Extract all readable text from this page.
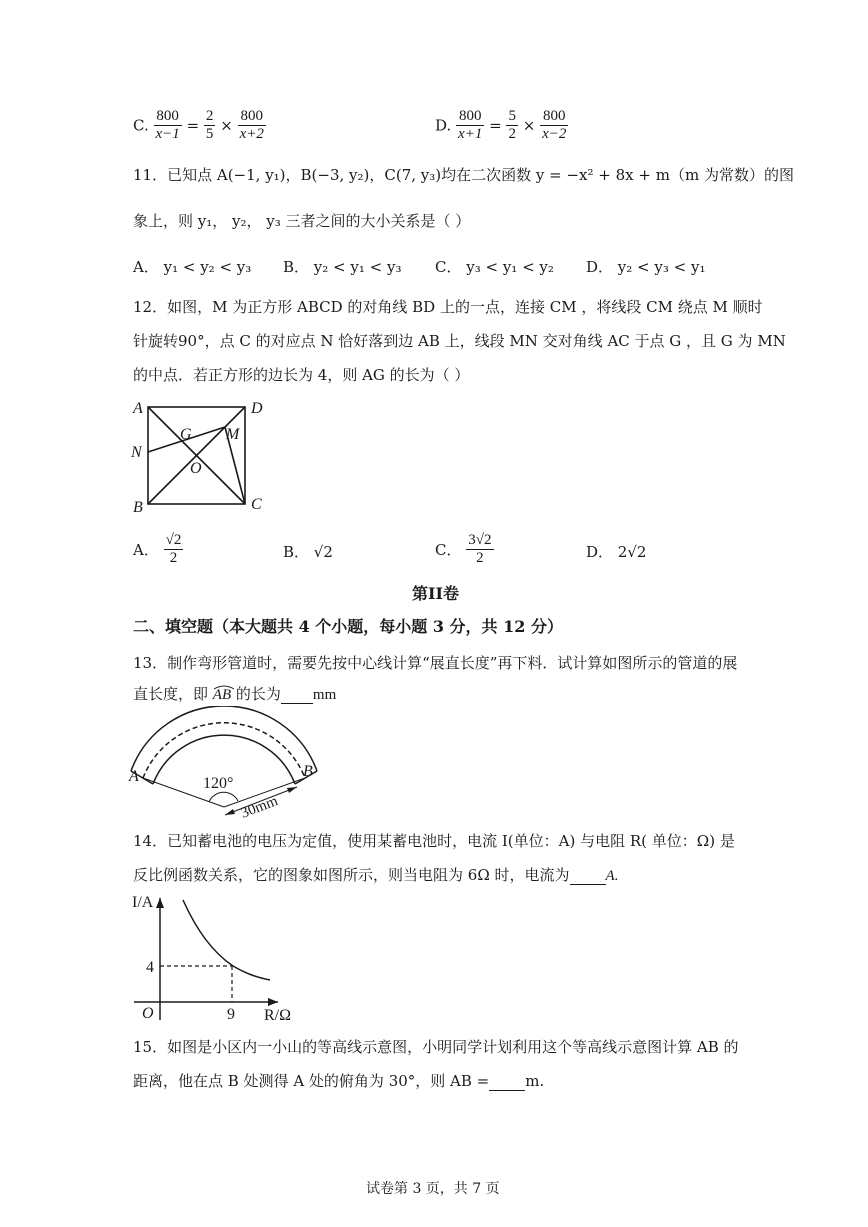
C. $\frac{800}{x-1} = \frac{2}{5} \times \frac{800}{x+2}$	D. $\frac{800}{x+1} = \frac{5}{2} \times \frac{800}{x-2}$
11．已知点 A(−1, y₁)，B(−3, y₂)，C(7, y₃)均在二次函数 y = −x² + 8x + m（m 为常数）的图
象上，则 y₁， y₂， y₃ 三者之间的大小关系是（ ）
A． y₁ < y₂ < y₃ B． y₂ < y₁ < y₃ C． y₃ < y₁ < y₂ D． y₂ < y₃ < y₁
12．如图，M 为正方形 ABCD 的对角线 BD 上的一点，连接 CM ，将线段 CM 绕点 M 顺时
针旋转90°，点 C 的对应点 N 恰好落到边 AB 上，线段 MN 交对角线 AC 于点 G ，且 G 为 MN
的中点．若正方形的边长为 4，则 AG 的长为（ ）
A	D
B	C
N
G M
O
A． $\frac{√2}{2}$	B． √2	C． $\frac{3√2}{2}$	D． 2√2
第II卷
二、填空题（本大题共 4 个小题，每小题 3 分，共 12 分）
13．制作弯形管道时，需要先按中心线计算“展直长度”再下料．试计算如图所示的管道的展
直长度，即 AB 的长为 mm
A	B
120°
30mm
14．已知蓄电池的电压为定值，使用某蓄电池时，电流 I(单位：A) 与电阻 R( 单位：Ω) 是
反比例函数关系，它的图象如图所示，则当电阻为 6Ω 时，电流为 A.
I/A
R/Ω
O
4
9
15．如图是小区内一小山的等高线示意图，小明同学计划利用这个等高线示意图计算 AB 的
距离，他在点 B 处测得 A 处的俯角为 30°，则 AB = m.
试卷第 3 页，共 7 页
